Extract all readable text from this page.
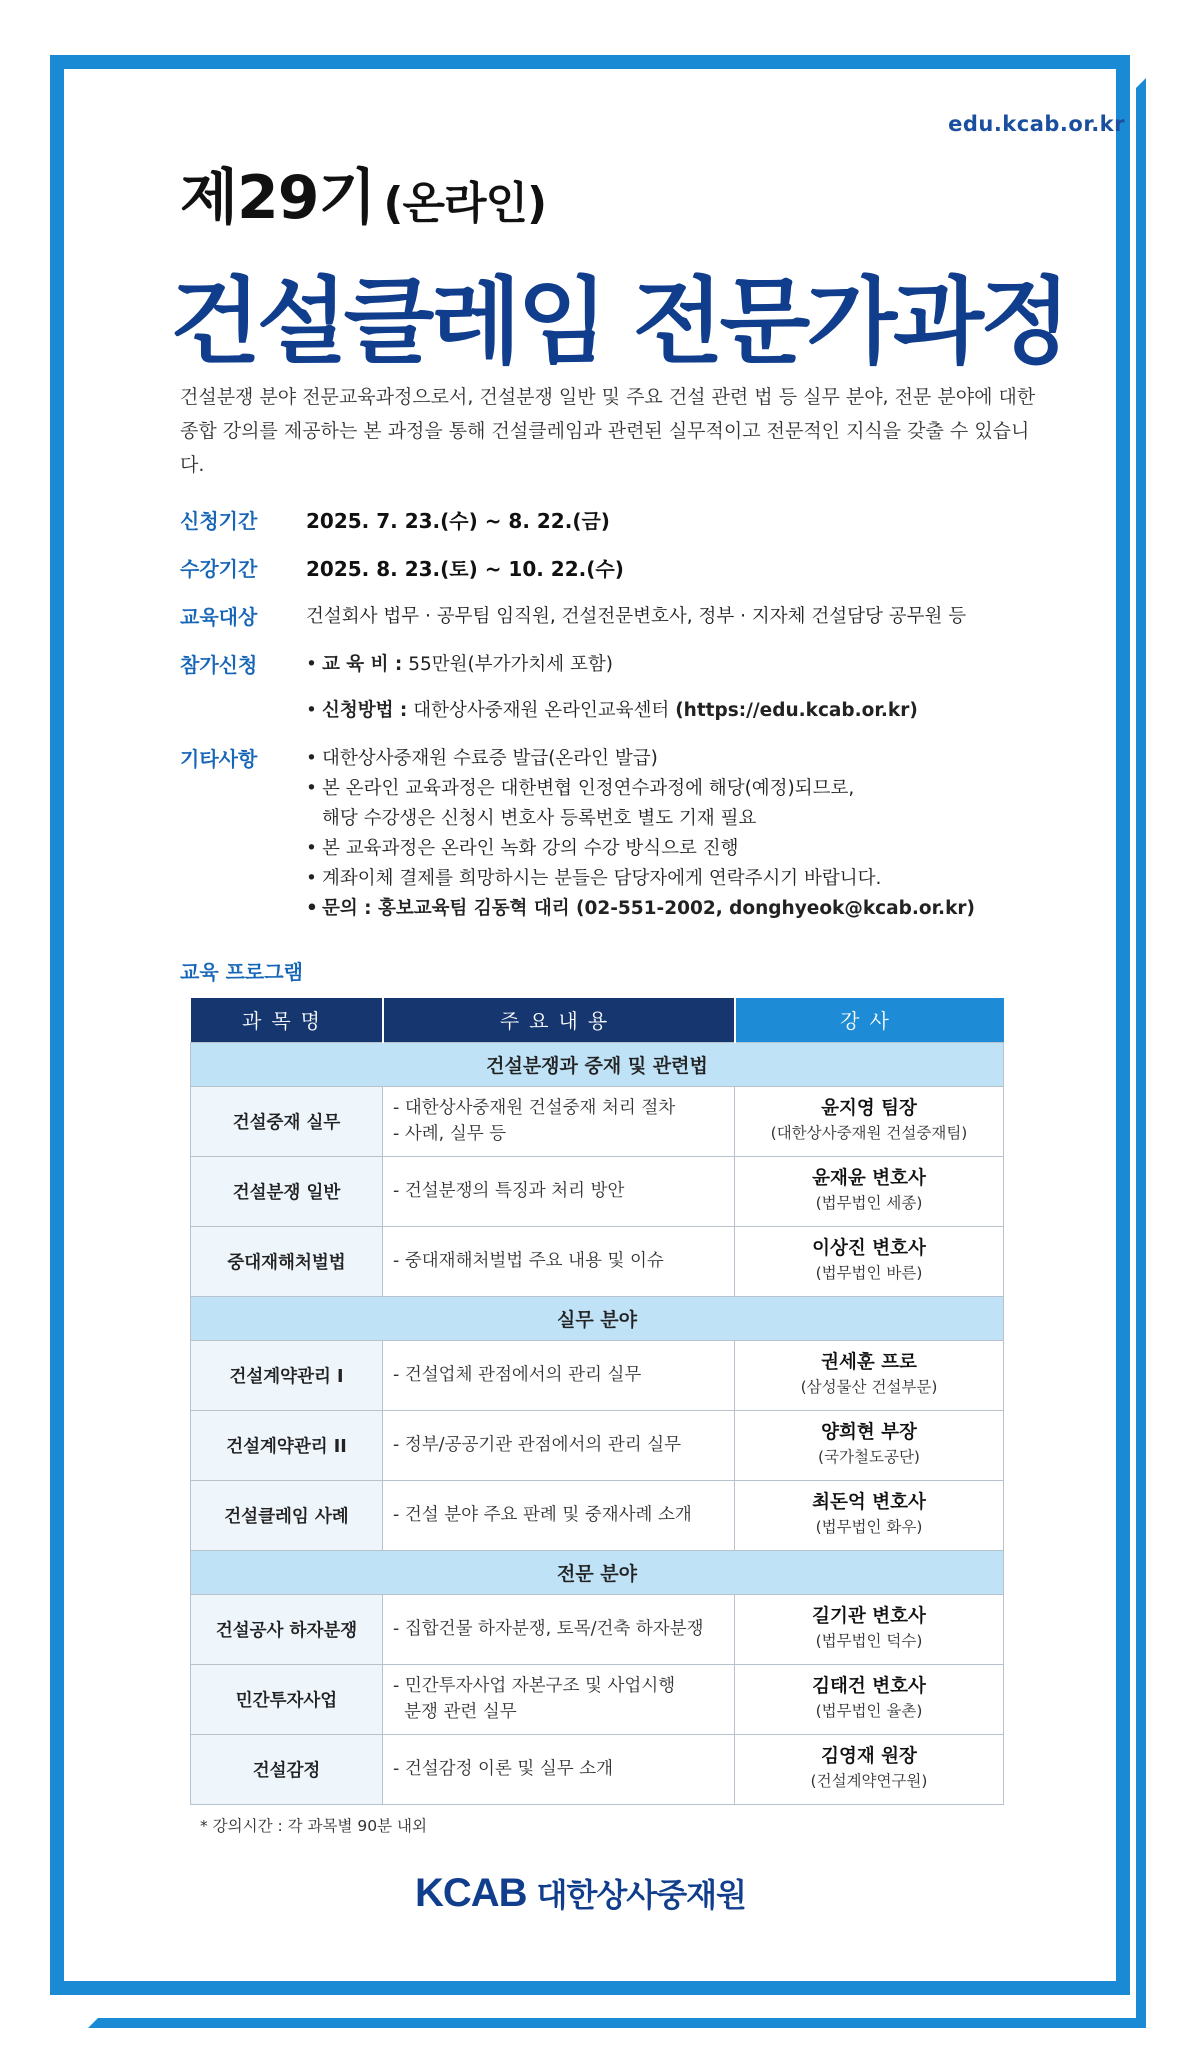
edu.kcab.or.kr
제29기 (온라인)
건설클레임 전문가과정

건설분쟁 분야 전문교육과정으로서, 건설분쟁 일반 및 주요 건설 관련 법 등 실무 분야, 전문 분야에 대한 종합 강의를 제공하는 본 과정을 통해 건설클레임과 관련된 실무적이고 전문적인 지식을 갖출 수 있습니다.

신청기간	2025. 7. 23.(수) ~ 8. 22.(금)
수강기간	2025. 8. 23.(토) ~ 10. 22.(수)
교육대상	건설회사 법무 · 공무팀 임직원, 건설전문변호사, 정부 · 지자체 건설담당 공무원 등
참가신청	• 교 육 비 : 55만원(부가가치세 포함)
• 신청방법 : 대한상사중재원 온라인교육센터 (https://edu.kcab.or.kr)
기타사항	• 대한상사중재원 수료증 발급(온라인 발급)
• 본 온라인 교육과정은 대한변협 인정연수과정에 해당(예정)되므로,
해당 수강생은 신청시 변호사 등록번호 별도 기재 필요
• 본 교육과정은 온라인 녹화 강의 수강 방식으로 진행
• 계좌이체 결제를 희망하시는 분들은 담당자에게 연락주시기 바랍니다.
• 문의 : 홍보교육팀 김동혁 대리 (02-551-2002, donghyeok@kcab.or.kr)
교육 프로그램
과목명	주요내용	강사
건설분쟁과 중재 및 관련법		
건설중재 실무	- 대한상사중재원 건설중재 처리 절차
- 사례, 실무 등	윤지영 팀장
(대한상사중재원 건설중재팀)

건설분쟁 일반	- 건설분쟁의 특징과 처리 방안	윤재윤 변호사
(법무법인 세종)

중대재해처벌법	- 중대재해처벌법 주요 내용 및 이슈	이상진 변호사
(법무법인 바른)

실무 분야		
건설계약관리 I	- 건설업체 관점에서의 관리 실무	권세훈 프로
(삼성물산 건설부문)

건설계약관리 II	- 정부/공공기관 관점에서의 관리 실무	양희현 부장
(국가철도공단)

건설클레임 사례	- 건설 분야 주요 판례 및 중재사례 소개	최돈억 변호사
(법무법인 화우)

전문 분야		
건설공사 하자분쟁	- 집합건물 하자분쟁, 토목/건축 하자분쟁	길기관 변호사
(법무법인 덕수)

민간투자사업	- 민간투자사업 자본구조 및 사업시행
분쟁 관련 실무	김태건 변호사
(법무법인 율촌)

건설감정	- 건설감정 이론 및 실무 소개	김영재 원장
(건설계약연구원)
* 강의시간 : 각 과목별 90분 내외
KCAB 대한상사중재원
